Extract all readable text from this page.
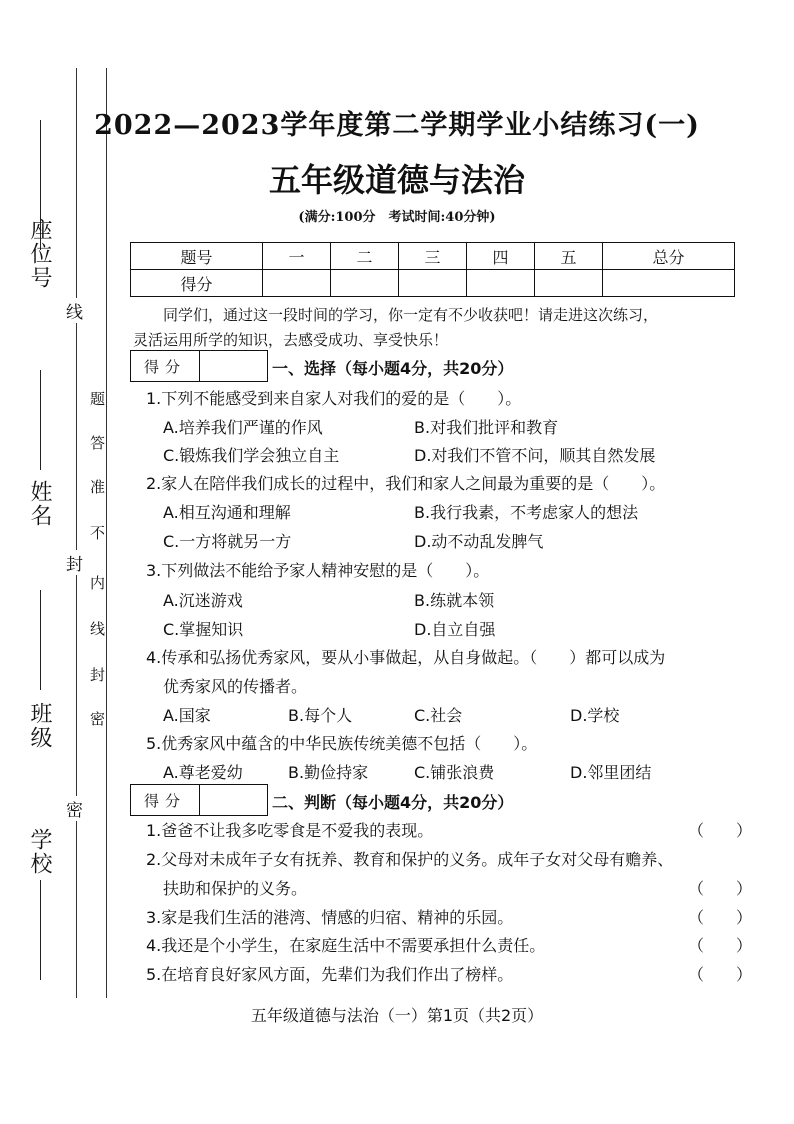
座位号
姓名
班级
学校
线
封
密
题
答
准
不
内
线
封
密
2022—2023学年度第二学期学业小结练习(一)
五年级道德与法治
(满分:100分　考试时间:40分钟)
题号	一	二	三	四	五	总分
得分						
同学们，通过这一段时间的学习，你一定有不少收获吧！请走进这次练习，
灵活运用所学的知识，去感受成功、享受快乐！
得分	一、选择（每小题4分，共20分）
1.下列不能感受到来自家人对我们的爱的是（　　）。
A.培养我们严谨的作风	B.对我们批评和教育
C.锻炼我们学会独立自主	D.对我们不管不问，顺其自然发展
2.家人在陪伴我们成长的过程中，我们和家人之间最为重要的是（　　）。
A.相互沟通和理解	B.我行我素，不考虑家人的想法
C.一方将就另一方	D.动不动乱发脾气
3.下列做法不能给予家人精神安慰的是（　　）。
A.沉迷游戏	B.练就本领
C.掌握知识	D.自立自强
4.传承和弘扬优秀家风，要从小事做起，从自身做起。（　　）都可以成为
优秀家风的传播者。
A.国家	B.每个人	C.社会	D.学校
5.优秀家风中蕴含的中华民族传统美德不包括（　　）。
A.尊老爱幼	B.勤俭持家	C.铺张浪费	D.邻里团结
得分	二、判断（每小题4分，共20分）
1.爸爸不让我多吃零食是不爱我的表现。	（　　）
2.父母对未成年子女有抚养、教育和保护的义务。成年子女对父母有赡养、
扶助和保护的义务。	（　　）
3.家是我们生活的港湾、情感的归宿、精神的乐园。	（　　）
4.我还是个小学生，在家庭生活中不需要承担什么责任。	（　　）
5.在培育良好家风方面，先辈们为我们作出了榜样。	（　　）
五年级道德与法治（一）第1页（共2页）
